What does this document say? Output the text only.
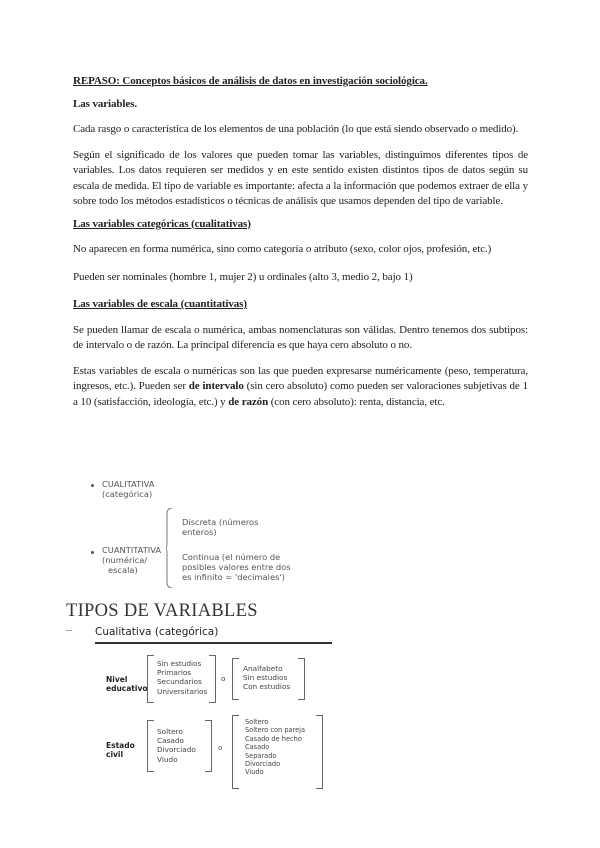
REPASO: Conceptos básicos de análisis de datos en investigación sociológica.

Las variables.

Cada rasgo o característica de los elementos de una población (lo que está siendo observado o medido).

Según el significado de los valores que pueden tomar las variables, distinguimos diferentes tipos de variables. Los datos requieren ser medidos y en este sentido existen distintos tipos de datos según su escala de medida. El tipo de variable es importante: afecta a la información que podemos extraer de ella y sobre todo los métodos estadísticos o técnicas de análisis que usamos dependen del tipo de variable.

Las variables categóricas (cualitativas)

No aparecen en forma numérica, sino como categoría o atributo (sexo, color ojos, profesión, etc.)

Pueden ser nominales (hombre 1, mujer 2) u ordinales (alto 3, medio 2, bajo 1)

Las variables de escala (cuantitativas)

Se pueden llamar de escala o numérica, ambas nomenclaturas son válidas. Dentro tenemos dos subtipos: de intervalo o de razón. La principal diferencia es que haya cero absoluto o no.

Estas variables de escala o numéricas son las que pueden expresarse numéricamente (peso, temperatura, ingresos, etc.). Pueden ser de intervalo (sin cero absoluto) como pueden ser valoraciones subjetivas de 1 a 10 (satisfacción, ideología, etc.) y de razón (con cero absoluto): renta, distancia, etc.

CUALITATIVA
(categórica)
Discreta (números
enteros)
CUANTITATIVA
(numérica/
escala)
Continua (el número de
posibles valores entre dos
es infinito = 'decimales')
TIPOS DE VARIABLES
Cualitativa (categórica)
Nivel
educativo
Sin estudios
Primarios
Secundarios
Universitarios
o
Analfabeto
Sin estudios
Con estudios
Estado
civil
Soltero
Casado
Divorciado
Viudo
o
Soltero
Soltero con pareja
Casado de hecho
Casado
Separado
Divorciado
Viudo
